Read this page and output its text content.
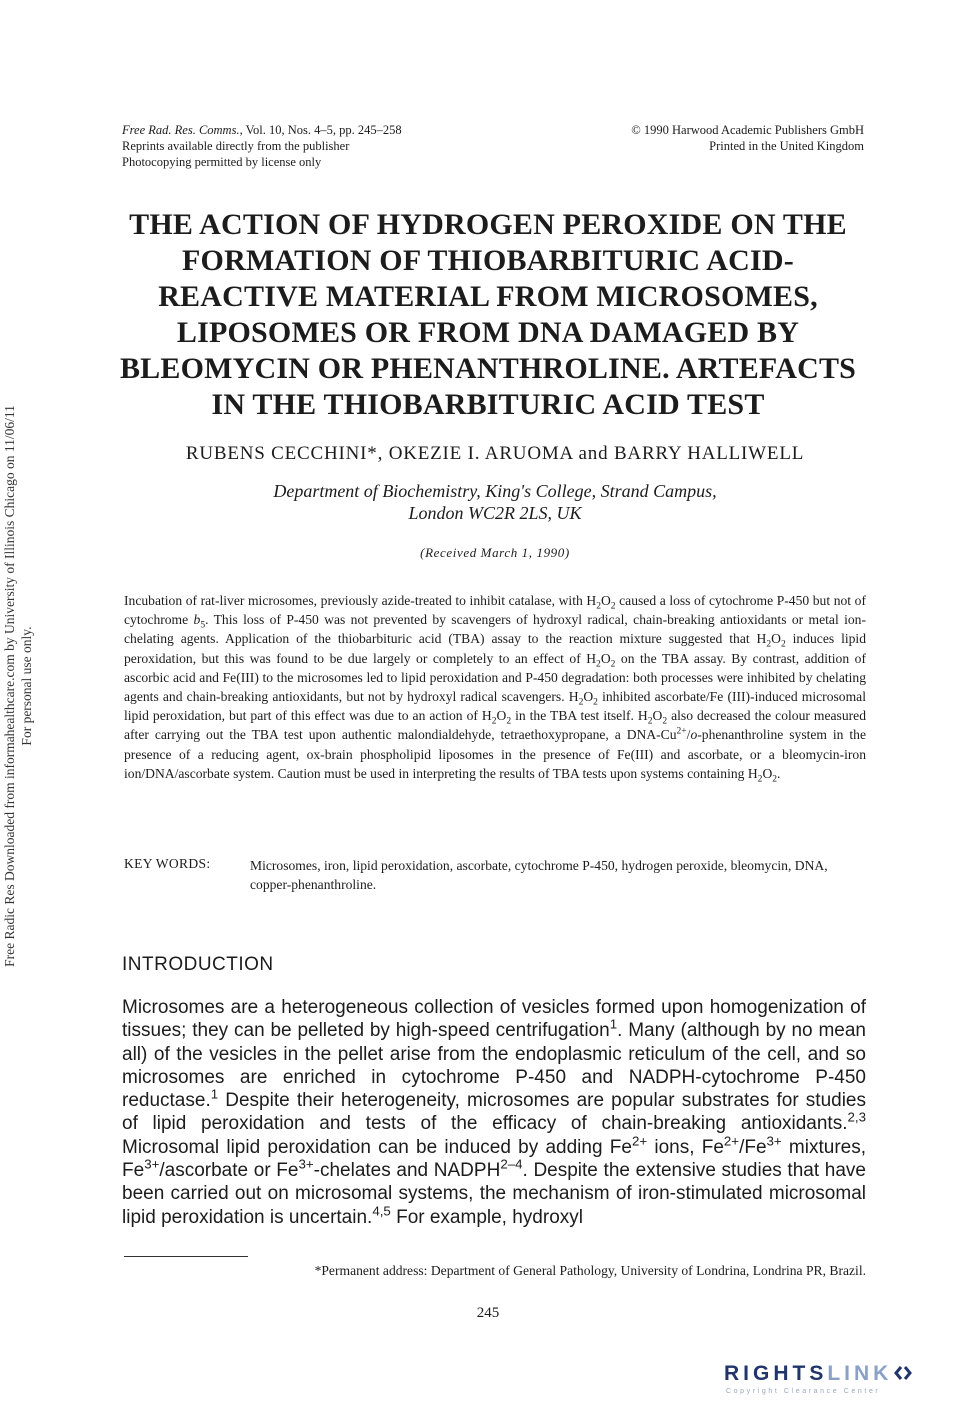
Free Radic Res Downloaded from informahealthcare.com by University of Illinois Chicago on 11/06/11 For personal use only.
Free Rad. Res. Comms., Vol. 10, Nos. 4–5, pp. 245–258
Reprints available directly from the publisher
Photocopying permitted by license only
© 1990 Harwood Academic Publishers GmbH
Printed in the United Kingdom
THE ACTION OF HYDROGEN PEROXIDE ON THE
FORMATION OF THIOBARBITURIC ACID-
REACTIVE MATERIAL FROM MICROSOMES,
LIPOSOMES OR FROM DNA DAMAGED BY
BLEOMYCIN OR PHENANTHROLINE. ARTEFACTS
IN THE THIOBARBITURIC ACID TEST
RUBENS CECCHINI*, OKEZIE I. ARUOMA and BARRY HALLIWELL
Department of Biochemistry, King's College, Strand Campus,
London WC2R 2LS, UK
(Received March 1, 1990)
Incubation of rat-liver microsomes, previously azide-treated to inhibit catalase, with $H_2O_2$ caused a loss of cytochrome P-450 but not of cytochrome $b_5$. This loss of P-450 was not prevented by scavengers of hydroxyl radical, chain-breaking antioxidants or metal ion-chelating agents. Application of the thiobarbituric acid (TBA) assay to the reaction mixture suggested that $H_2O_2$ induces lipid peroxidation, but this was found to be due largely or completely to an effect of $H_2O_2$ on the TBA assay. By contrast, addition of ascorbic acid and Fe(III) to the microsomes led to lipid peroxidation and P-450 degradation: both processes were inhibited by chelating agents and chain-breaking antioxidants, but not by hydroxyl radical scavengers. $H_2O_2$ inhibited ascorbate/Fe (III)-induced microsomal lipid peroxidation, but part of this effect was due to an action of $H_2O_2$ in the TBA test itself. $H_2O_2$ also decreased the colour measured after carrying out the TBA test upon authentic malondialdehyde, tetraethoxypropane, a DNA-$Cu^{2+}/o$-phenanthroline system in the presence of a reducing agent, ox-brain phospholipid liposomes in the presence of Fe(III) and ascorbate, or a bleomycin-iron ion/DNA/ascorbate system. Caution must be used in interpreting the results of TBA tests upon systems containing $H_2O_2$.
KEY WORDS:	Microsomes, iron, lipid peroxidation, ascorbate, cytochrome P-450, hydrogen peroxide, bleomycin, DNA, copper-phenanthroline.
INTRODUCTION
Microsomes are a heterogeneous collection of vesicles formed upon homogenization of tissues; they can be pelleted by high-speed centrifugation$^1$. Many (although by no mean all) of the vesicles in the pellet arise from the endoplasmic reticulum of the cell, and so microsomes are enriched in cytochrome P-450 and NADPH-cytochrome P-450 reductase.$^1$ Despite their heterogeneity, microsomes are popular substrates for studies of lipid peroxidation and tests of the efficacy of chain-breaking antioxidants.$^{2,3}$ Microsomal lipid peroxidation can be induced by adding $Fe^{2+}$ ions, $Fe^{2+}/Fe^{3+}$ mixtures, $Fe^{3+}$/ascorbate or $Fe^{3+}$-chelates and NADPH$^{2-4}$. Despite the extensive studies that have been carried out on microsomal systems, the mechanism of iron-stimulated microsomal lipid peroxidation is uncertain.$^{4,5}$ For example, hydroxyl
*Permanent address: Department of General Pathology, University of Londrina, Londrina PR, Brazil.
245
RIGHTSLINK
Copyright Clearance Center
